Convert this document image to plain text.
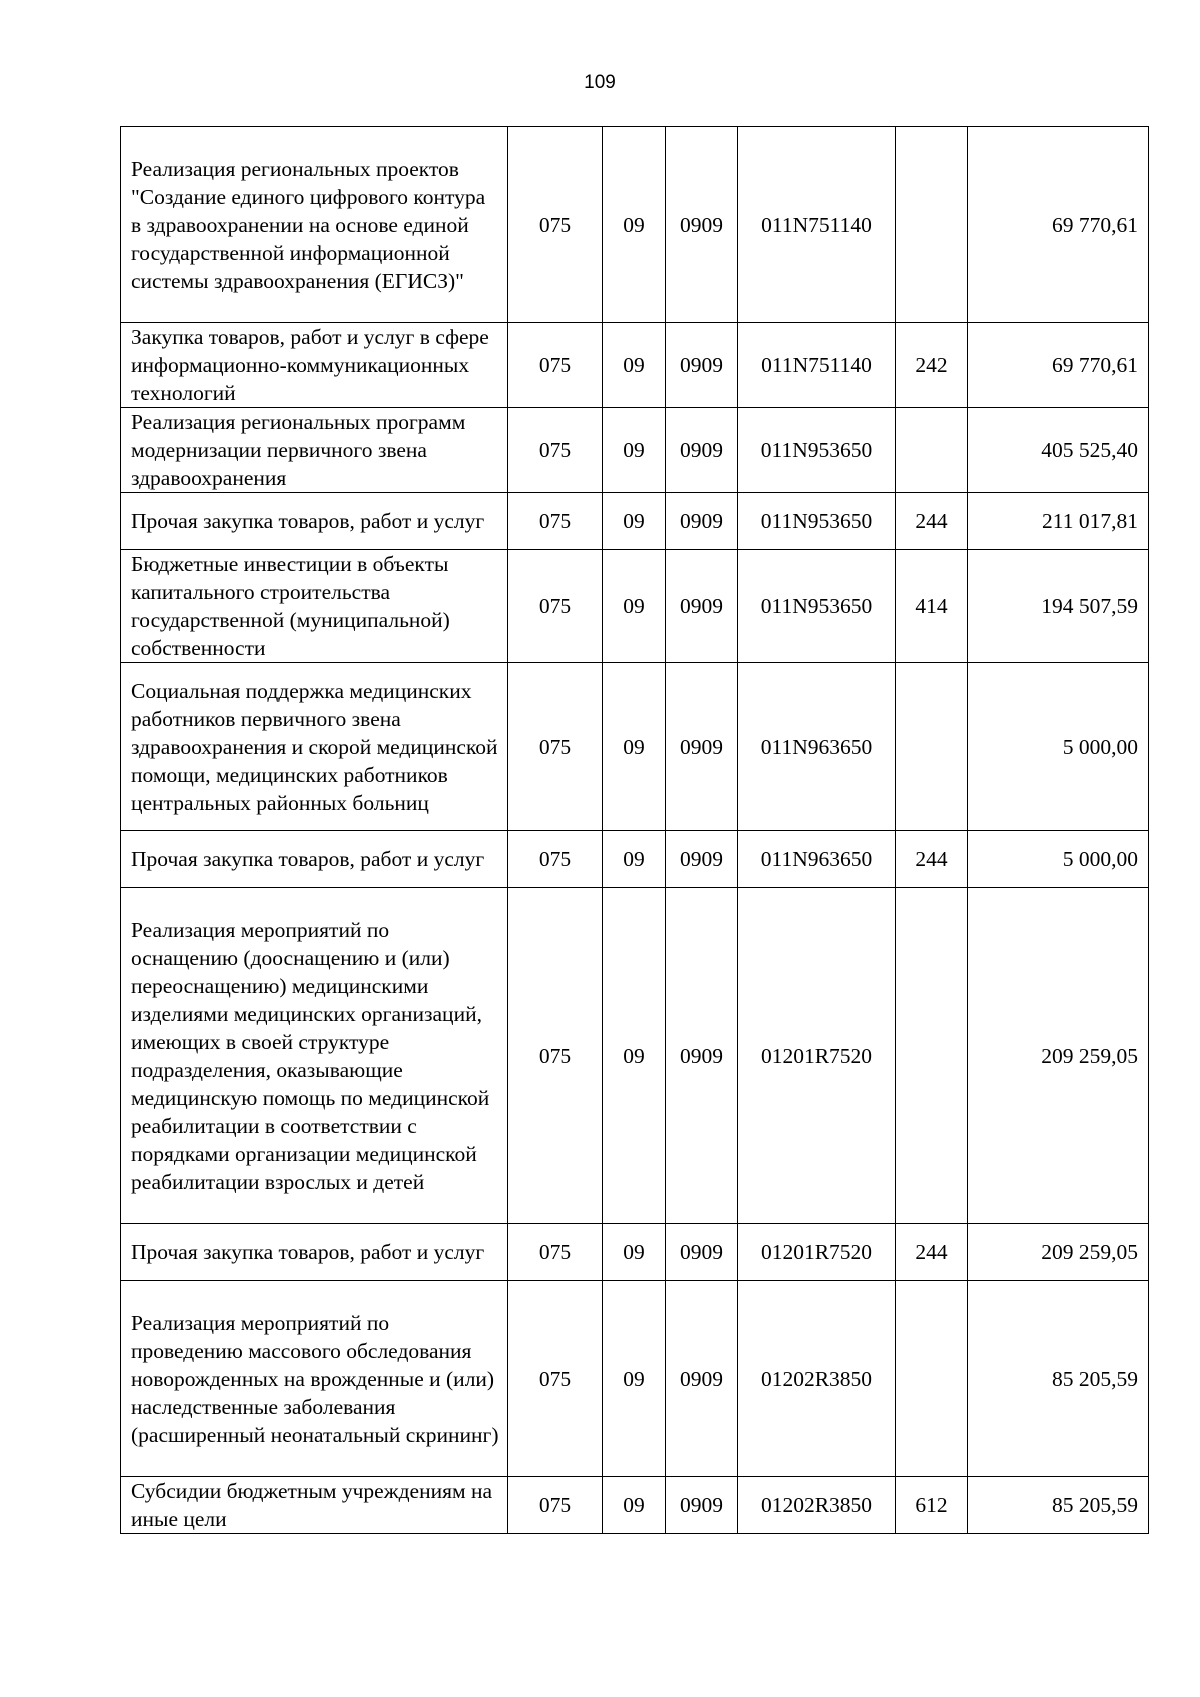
109
Реализация региональных проектов "Создание единого цифрового контура в здравоохранении на основе единой государственной информационной системы здравоохранения (ЕГИСЗ)"	075	09	0909	011N751140		69 770,61
Закупка товаров, работ и услуг в сфере информационно-коммуникационных технологий	075	09	0909	011N751140	242	69 770,61
Реализация региональных программ модернизации первичного звена здравоохранения	075	09	0909	011N953650		405 525,40
Прочая закупка товаров, работ и услуг	075	09	0909	011N953650	244	211 017,81
Бюджетные инвестиции в объекты капитального строительства государственной (муниципальной) собственности	075	09	0909	011N953650	414	194 507,59
Социальная поддержка медицинских работников первичного звена здравоохранения и скорой медицинской помощи, медицинских работников центральных районных больниц	075	09	0909	011N963650		5 000,00
Прочая закупка товаров, работ и услуг	075	09	0909	011N963650	244	5 000,00
Реализация мероприятий по оснащению (дооснащению и (или) переоснащению) медицинскими изделиями медицинских организаций, имеющих в своей структуре подразделения, оказывающие медицинскую помощь по медицинской реабилитации в соответствии с порядками организации медицинской реабилитации взрослых и детей	075	09	0909	01201R7520		209 259,05
Прочая закупка товаров, работ и услуг	075	09	0909	01201R7520	244	209 259,05
Реализация мероприятий по проведению массового обследования новорожденных на врожденные и (или) наследственные заболевания (расширенный неонатальный скрининг)	075	09	0909	01202R3850		85 205,59
Субсидии бюджетным учреждениям на иные цели	075	09	0909	01202R3850	612	85 205,59
